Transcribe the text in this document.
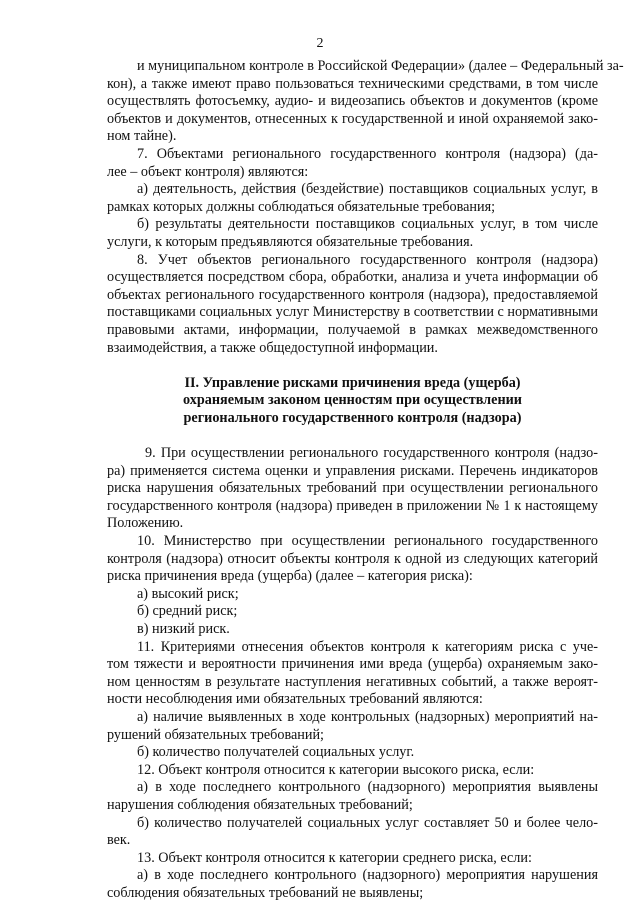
2
и муниципальном контроле в Российской Федерации» (далее – Федеральный за-
кон), а также имеют право пользоваться техническими средствами, в том числе
осуществлять фотосъемку, аудио- и видеозапись объектов и документов (кроме
объектов и документов, отнесенных к государственной и иной охраняемой зако-
ном тайне).
7. Объектами регионального государственного контроля (надзора) (да-
лее – объект контроля) являются:
а) деятельность, действия (бездействие) поставщиков социальных услуг, в
рамках которых должны соблюдаться обязательные требования;
б) результаты деятельности поставщиков социальных услуг, в том числе
услуги, к которым предъявляются обязательные требования.
8. Учет объектов регионального государственного контроля (надзора)
осуществляется посредством сбора, обработки, анализа и учета информации об
объектах регионального государственного контроля (надзора), предоставляемой
поставщиками социальных услуг Министерству в соответствии с нормативными
правовыми актами, информации, получаемой в рамках межведомственного
взаимодействия, а также общедоступной информации.
II. Управление рисками причинения вреда (ущерба)
охраняемым законом ценностям при осуществлении
регионального государственного контроля (надзора)
9. При осуществлении регионального государственного контроля (надзо-
ра) применяется система оценки и управления рисками. Перечень индикаторов
риска нарушения обязательных требований при осуществлении регионального
государственного контроля (надзора) приведен в приложении № 1 к настоящему
Положению.
10. Министерство при осуществлении регионального государственного
контроля (надзора) относит объекты контроля к одной из следующих категорий
риска причинения вреда (ущерба) (далее – категория риска):
а) высокий риск;
б) средний риск;
в) низкий риск.
11. Критериями отнесения объектов контроля к категориям риска с уче-
том тяжести и вероятности причинения ими вреда (ущерба) охраняемым зако-
ном ценностям в результате наступления негативных событий, а также вероят-
ности несоблюдения ими обязательных требований являются:
а) наличие выявленных в ходе контрольных (надзорных) мероприятий на-
рушений обязательных требований;
б) количество получателей социальных услуг.
12. Объект контроля относится к категории высокого риска, если:
а) в ходе последнего контрольного (надзорного) мероприятия выявлены
нарушения соблюдения обязательных требований;
б) количество получателей социальных услуг составляет 50 и более чело-
век.
13. Объект контроля относится к категории среднего риска, если:
а) в ходе последнего контрольного (надзорного) мероприятия нарушения
соблюдения обязательных требований не выявлены;
